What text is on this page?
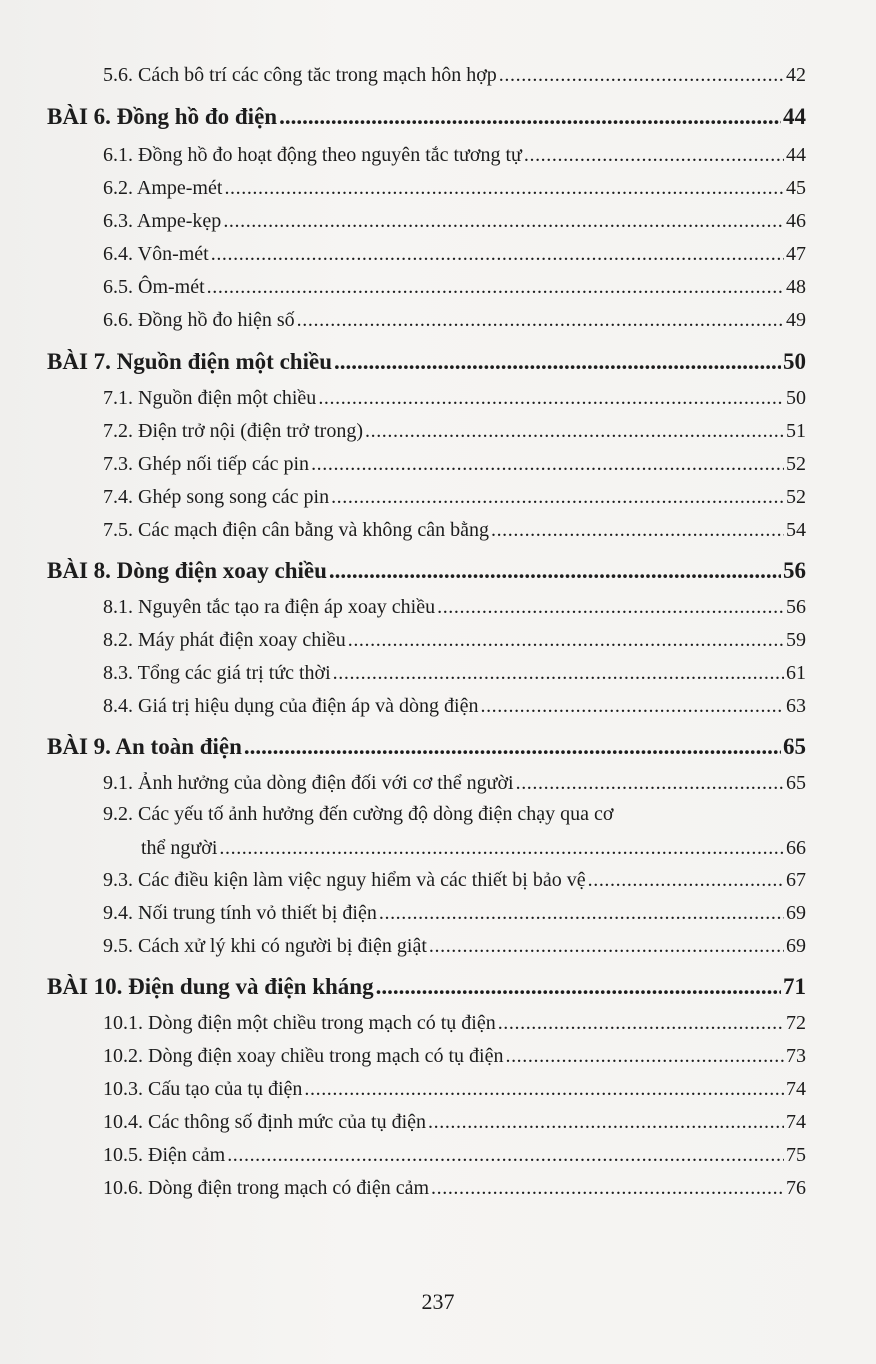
5.6. Cách bô trí các công tăc trong mạch hôn hợp .....	42
BÀI 6. Đồng hồ đo điện .....	44
6.1. Đồng hồ đo hoạt động theo nguyên tắc tương tự .....	44
6.2. Ampe-mét .....	45
6.3. Ampe-kẹp .....	46
6.4. Vôn-mét .....	47
6.5. Ôm-mét .....	48
6.6. Đồng hồ đo hiện số .....	49
BÀI 7. Nguồn điện một chiều .....	50
7.1. Nguồn điện một chiều .....	50
7.2. Điện trở nội (điện trở trong) .....	51
7.3. Ghép nối tiếp các pin .....	52
7.4. Ghép song song các pin .....	52
7.5. Các mạch điện cân bằng và không cân bằng .....	54
BÀI 8. Dòng điện xoay chiều .....	56
8.1. Nguyên tắc tạo ra điện áp xoay chiều .....	56
8.2. Máy phát điện xoay chiều .....	59
8.3. Tổng các giá trị tức thời .....	61
8.4. Giá trị hiệu dụng của điện áp và dòng điện .....	63
BÀI 9. An toàn điện .....	65
9.1. Ảnh hưởng của dòng điện đối với cơ thể người .....	65
9.2. Các yếu tố ảnh hưởng đến cường độ dòng điện chạy qua cơ
thể người .....	66
9.3. Các điều kiện làm việc nguy hiểm và các thiết bị bảo vệ .....	67
9.4. Nối trung tính vỏ thiết bị điện .....	69
9.5. Cách xử lý khi có người bị điện giật .....	69
BÀI 10. Điện dung và điện kháng .....	71
10.1. Dòng điện một chiều trong mạch có tụ điện .....	72
10.2. Dòng điện xoay chiều trong mạch có tụ điện .....	73
10.3. Cấu tạo của tụ điện .....	74
10.4. Các thông số định mức của tụ điện .....	74
10.5. Điện cảm .....	75
10.6. Dòng điện trong mạch có điện cảm .....	76
237
